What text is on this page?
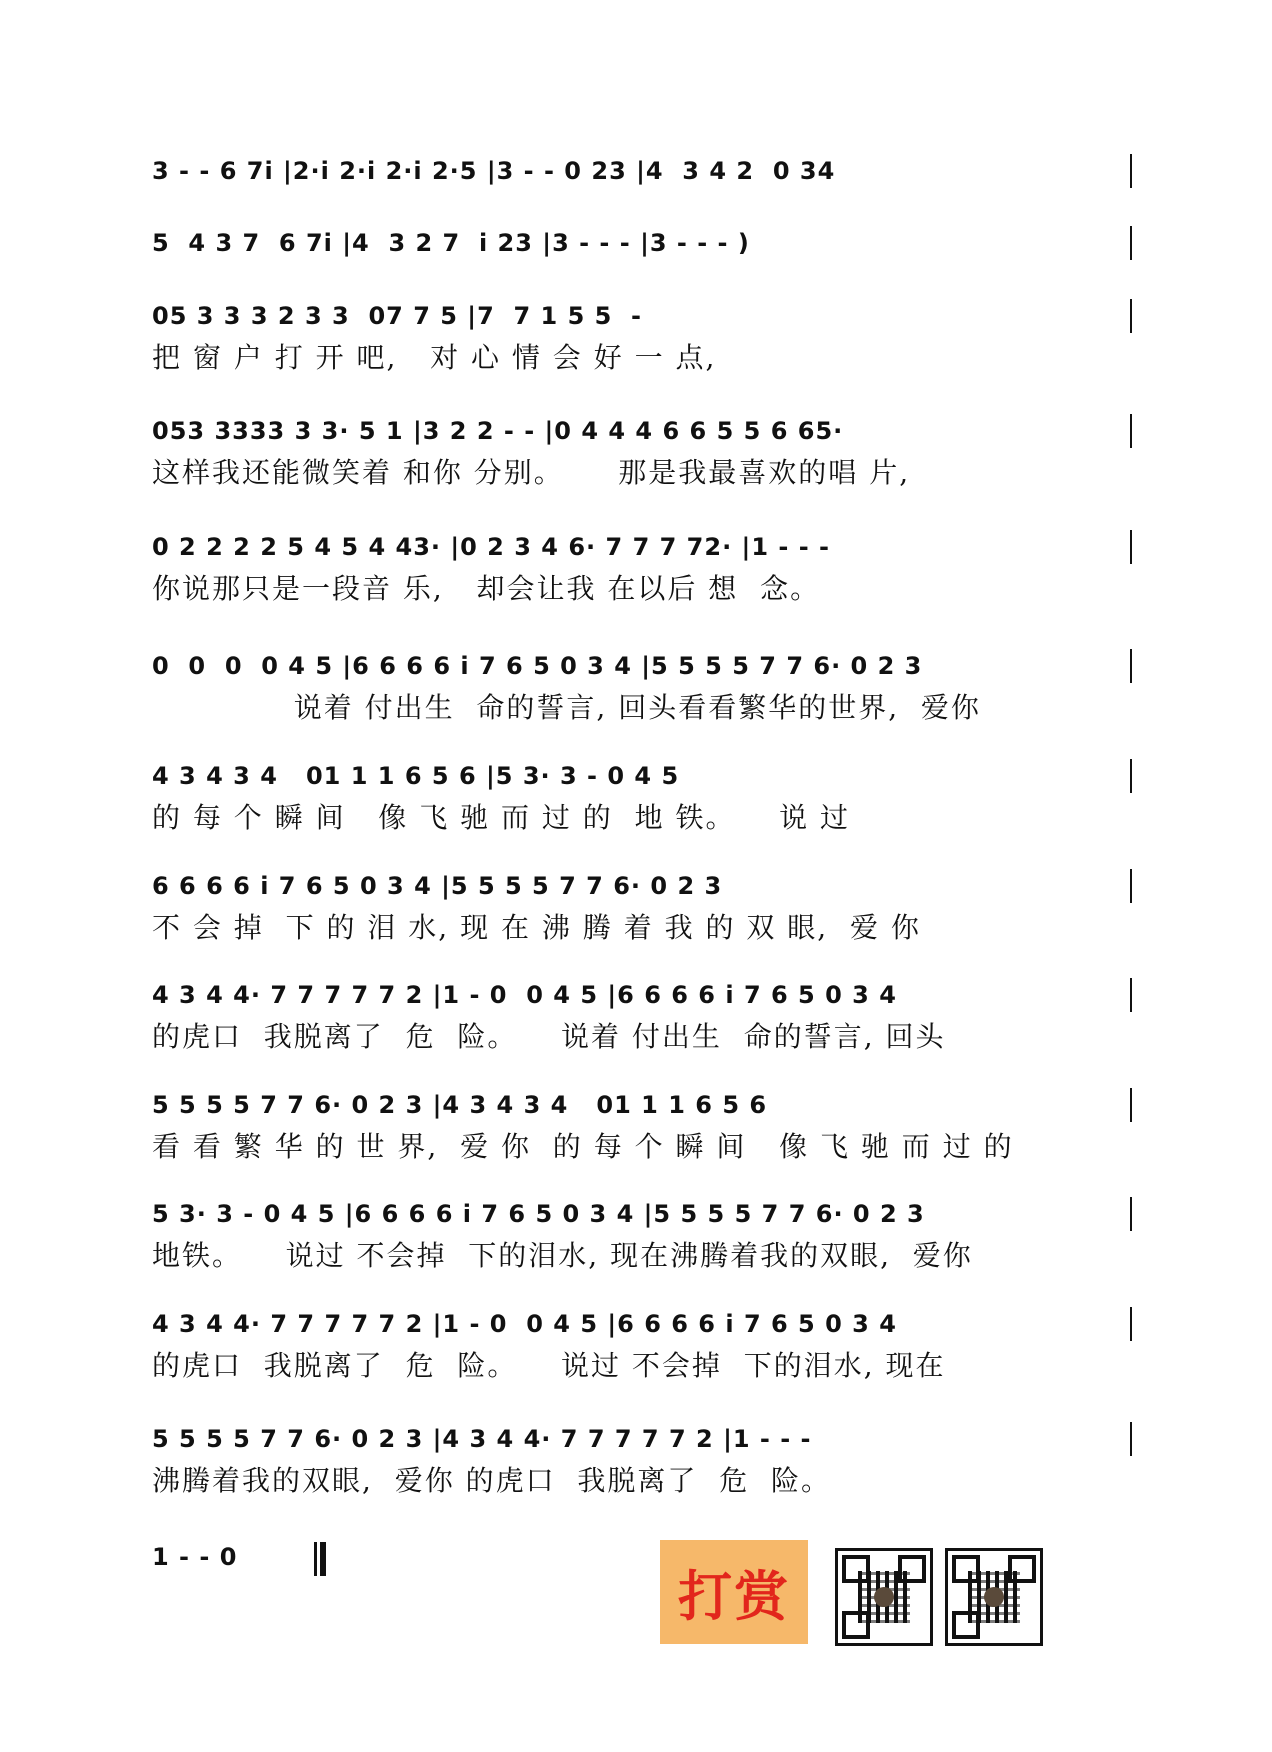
3 - - 6 7i |2·i 2·i 2·i 2·5 |3 - - 0 23 |4  3 4 2  0 34
5  4 3 7  6 7i |4  3 2 7  i 23 |3 - - - |3 - - - )
05 3 3 3 2 3 3  07 7 5 |7  7 1 5 5  -
把 窗 户 打 开 吧,   对 心 情 会 好 一 点,
053 3333 3 3· 5 1 |3 2 2 - - |0 4 4 4 6 6 5 5 6 65·
这样我还能微笑着 和你 分别。     那是我最喜欢的唱 片,
0 2 2 2 2 5 4 5 4 43· |0 2 3 4 6· 7 7 7 72· |1 - - -
你说那只是一段音 乐,   却会让我 在以后 想  念。
0  0  0  0 4 5 |6 6 6 6 i 7 6 5 0 3 4 |5 5 5 5 7 7 6· 0 2 3
说着 付出生  命的誓言, 回头看看繁华的世界,  爱你
4 3 4 3 4   01 1 1 6 5 6 |5 3· 3 - 0 4 5
的 每 个 瞬 间   像 飞 驰 而 过 的  地 铁。    说 过
6 6 6 6 i 7 6 5 0 3 4 |5 5 5 5 7 7 6· 0 2 3
不 会 掉  下 的 泪 水, 现 在 沸 腾 着 我 的 双 眼,  爱 你
4 3 4 4· 7 7 7 7 7 2 |1 - 0  0 4 5 |6 6 6 6 i 7 6 5 0 3 4
的虎口  我脱离了  危  险。    说着 付出生  命的誓言, 回头
5 5 5 5 7 7 6· 0 2 3 |4 3 4 3 4   01 1 1 6 5 6
看 看 繁 华 的 世 界,  爱 你  的 每 个 瞬 间   像 飞 驰 而 过 的
5 3· 3 - 0 4 5 |6 6 6 6 i 7 6 5 0 3 4 |5 5 5 5 7 7 6· 0 2 3
地铁。    说过 不会掉  下的泪水, 现在沸腾着我的双眼,  爱你
4 3 4 4· 7 7 7 7 7 2 |1 - 0  0 4 5 |6 6 6 6 i 7 6 5 0 3 4
的虎口  我脱离了  危  险。    说过 不会掉  下的泪水, 现在
5 5 5 5 7 7 6· 0 2 3 |4 3 4 4· 7 7 7 7 7 2 |1 - - -
沸腾着我的双眼,  爱你 的虎口  我脱离了  危  险。
1 - - 0
打赏
